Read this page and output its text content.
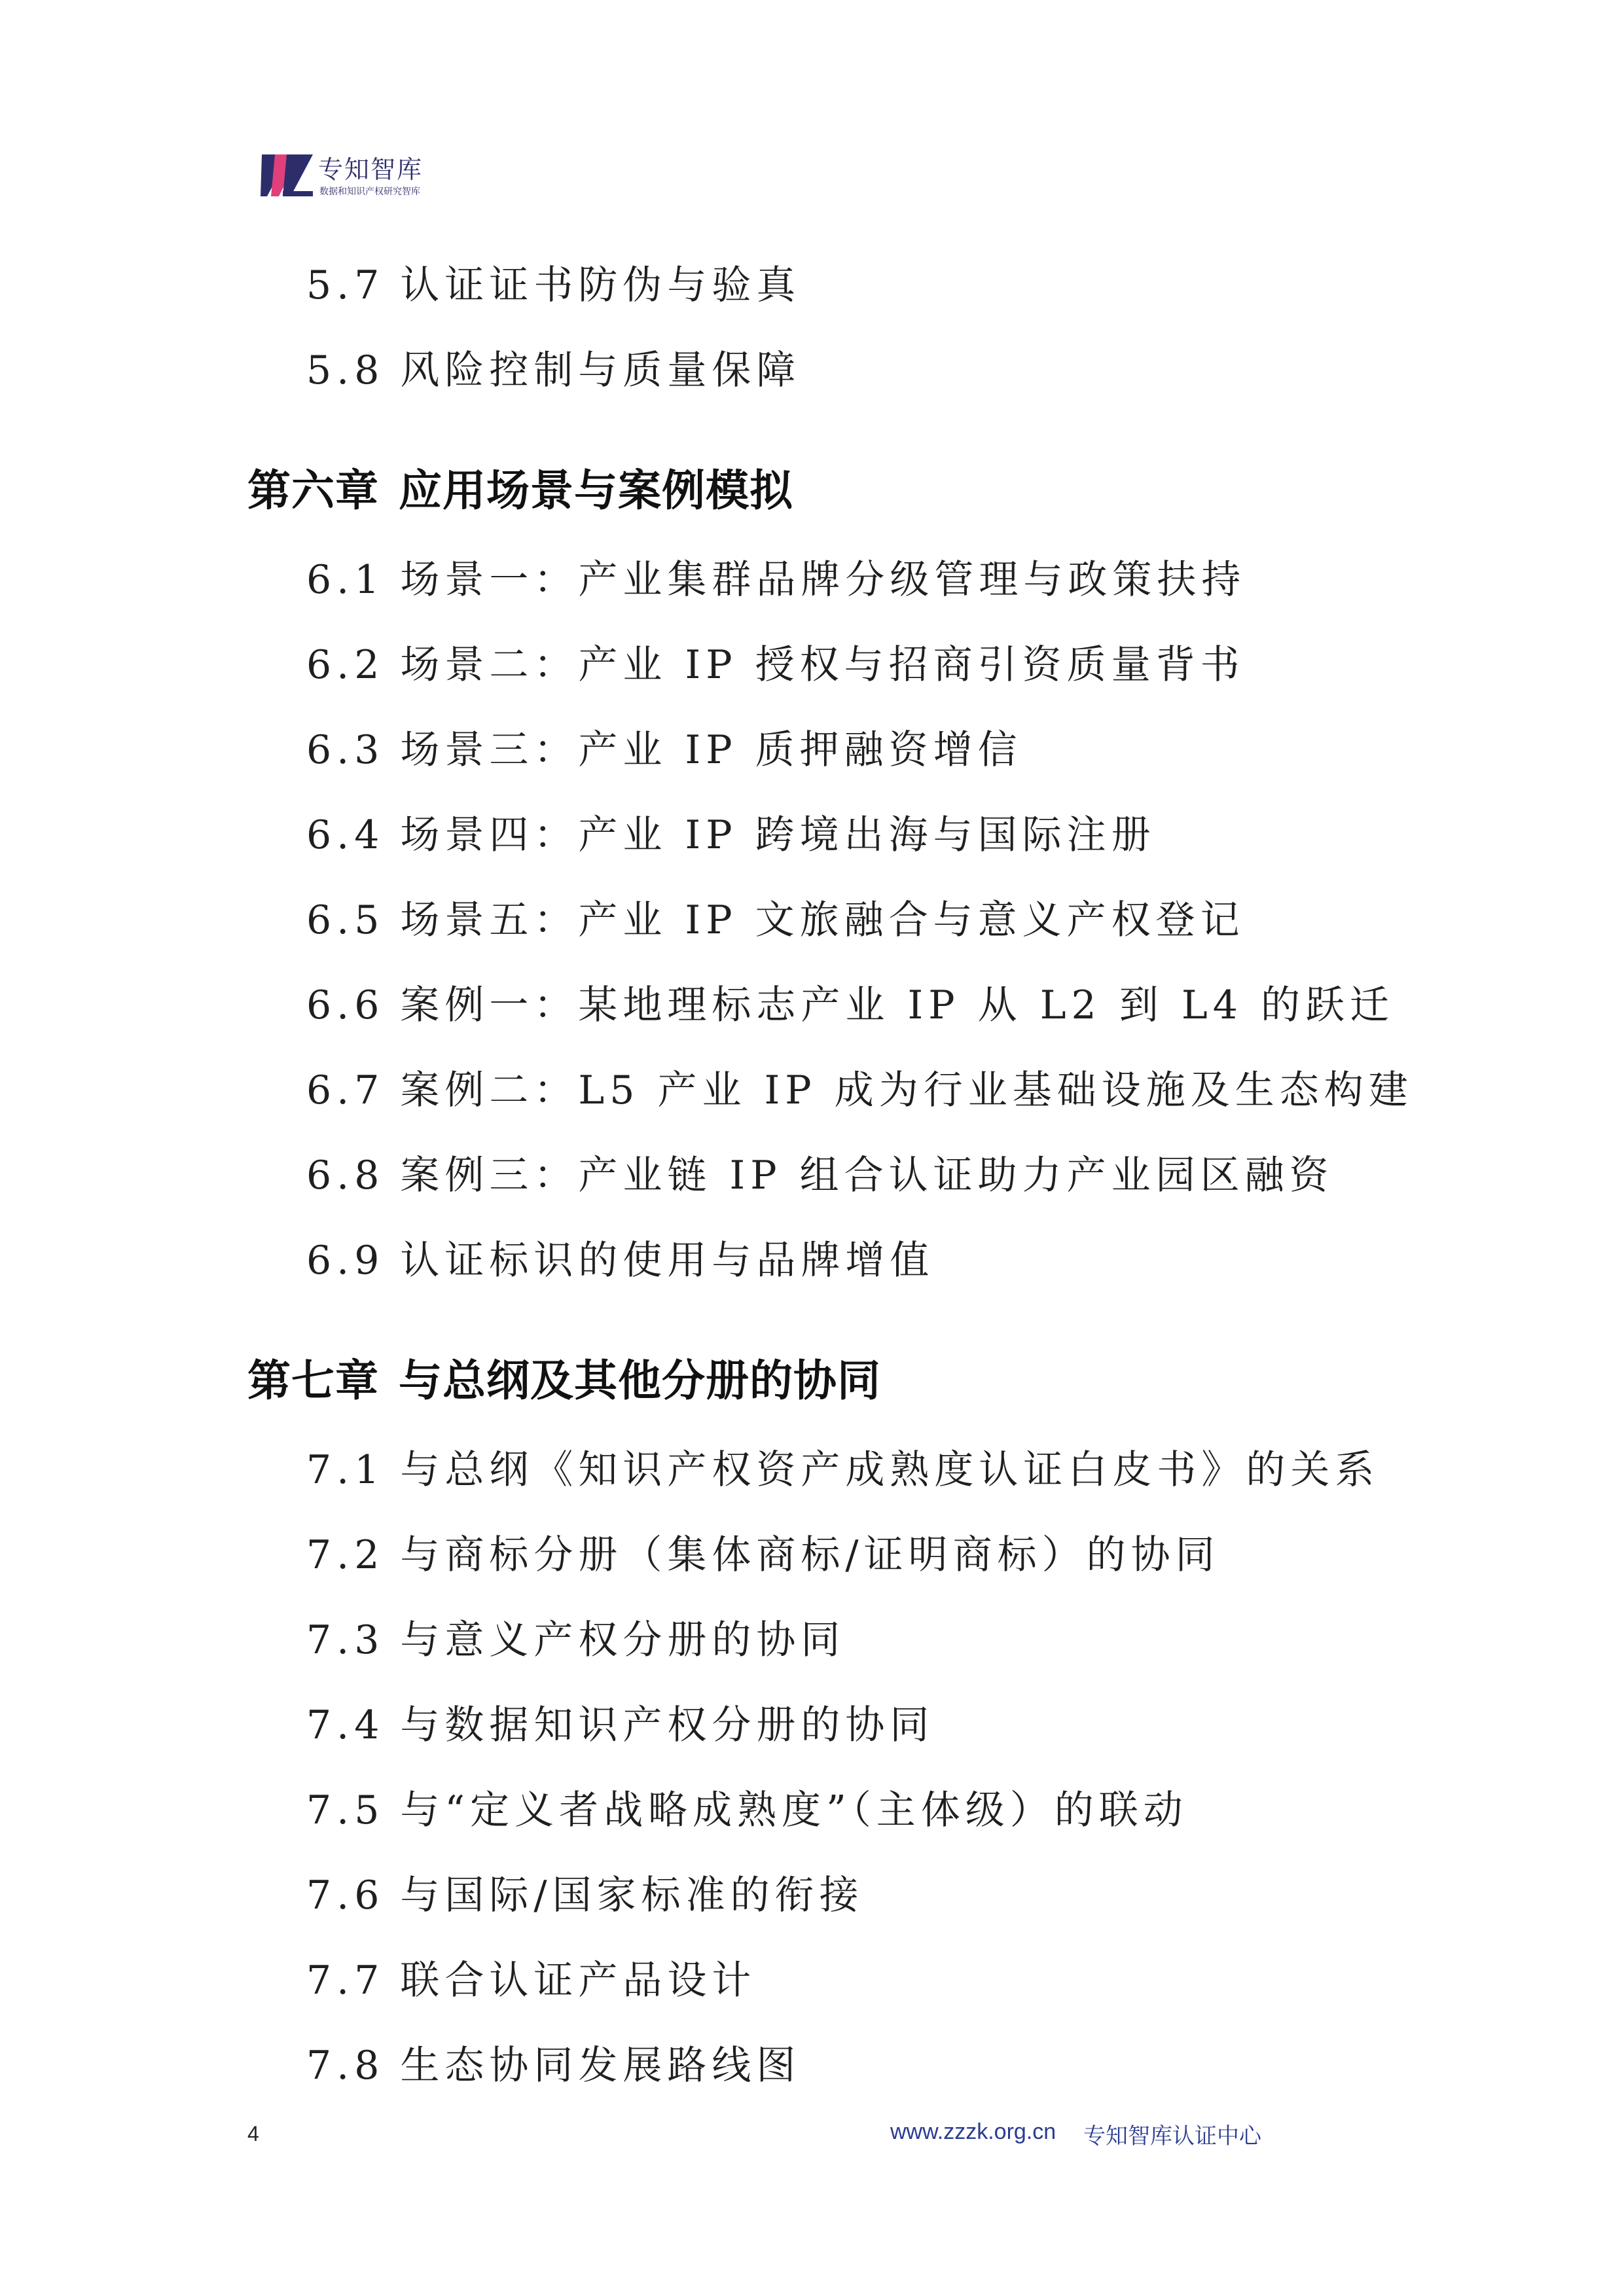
专知智库
数据和知识产权研究智库
5.7 认证证书防伪与验真
5.8 风险控制与质量保障
第六章 应用场景与案例模拟
6.1 场景一：产业集群品牌分级管理与政策扶持
6.2 场景二：产业 IP 授权与招商引资质量背书
6.3 场景三：产业 IP 质押融资增信
6.4 场景四：产业 IP 跨境出海与国际注册
6.5 场景五：产业 IP 文旅融合与意义产权登记
6.6 案例一：某地理标志产业 IP 从 L2 到 L4 的跃迁
6.7 案例二：L5 产业 IP 成为行业基础设施及生态构建
6.8 案例三：产业链 IP 组合认证助力产业园区融资
6.9 认证标识的使用与品牌增值
第七章 与总纲及其他分册的协同
7.1 与总纲《知识产权资产成熟度认证白皮书》的关系
7.2 与商标分册（集体商标/证明商标）的协同
7.3 与意义产权分册的协同
7.4 与数据知识产权分册的协同
7.5 与“定义者战略成熟度”（主体级）的联动
7.6 与国际/国家标准的衔接
7.7 联合认证产品设计
7.8 生态协同发展路线图
4	www.zzzk.org.cn 专知智库认证中心
